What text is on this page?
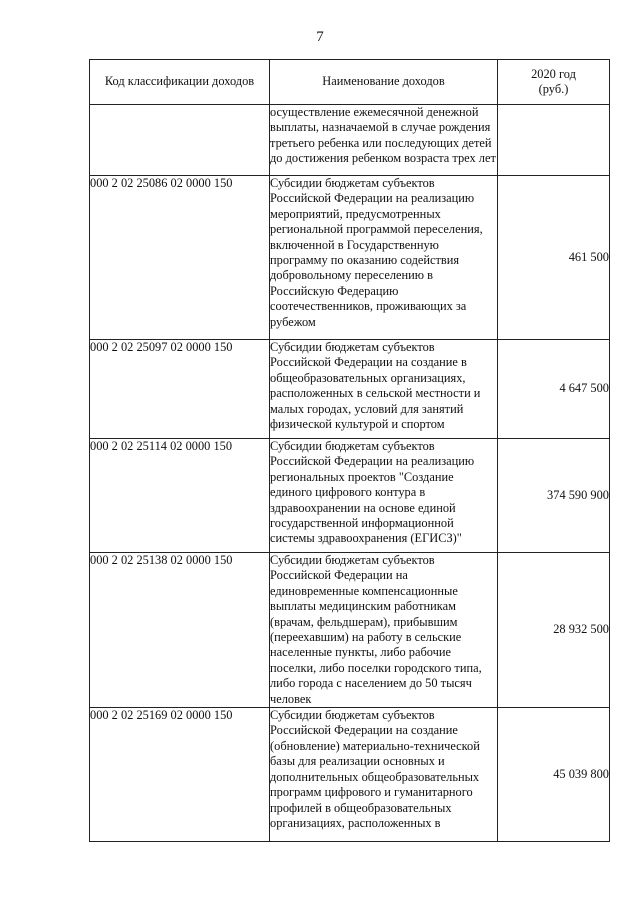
7
Код классификации доходов	Наименование доходов	2020 год
(руб.)

	осуществление ежемесячной денежной выплаты, назначаемой в случае рождения третьего ребенка или последующих детей до достижения ребенком возраста трех лет	
000 2 02 25086 02 0000 150	Субсидии бюджетам субъектов Российской Федерации на реализацию мероприятий, предусмотренных региональной программой переселения, включенной в Государственную программу по оказанию содействия добровольному переселению в Российскую Федерацию соотечественников, проживающих за рубежом	461 500
000 2 02 25097 02 0000 150	Субсидии бюджетам субъектов Российской Федерации на создание в общеобразовательных организациях, расположенных в сельской местности и малых городах, условий для занятий физической культурой и спортом	4 647 500
000 2 02 25114 02 0000 150	Субсидии бюджетам субъектов Российской Федерации на реализацию региональных проектов "Создание единого цифрового контура в здравоохранении на основе единой государственной информационной системы здравоохранения (ЕГИСЗ)"	374 590 900
000 2 02 25138 02 0000 150	Субсидии бюджетам субъектов Российской Федерации на единовременные компенсационные выплаты медицинским работникам (врачам, фельдшерам), прибывшим (переехавшим) на работу в сельские населенные пункты, либо рабочие поселки, либо поселки городского типа, либо города с населением до 50 тысяч человек	28 932 500
000 2 02 25169 02 0000 150	Субсидии бюджетам субъектов Российской Федерации на создание (обновление) материально-технической базы для реализации основных и дополнительных общеобразовательных программ цифрового и гуманитарного профилей в общеобразовательных организациях, расположенных в	45 039 800
